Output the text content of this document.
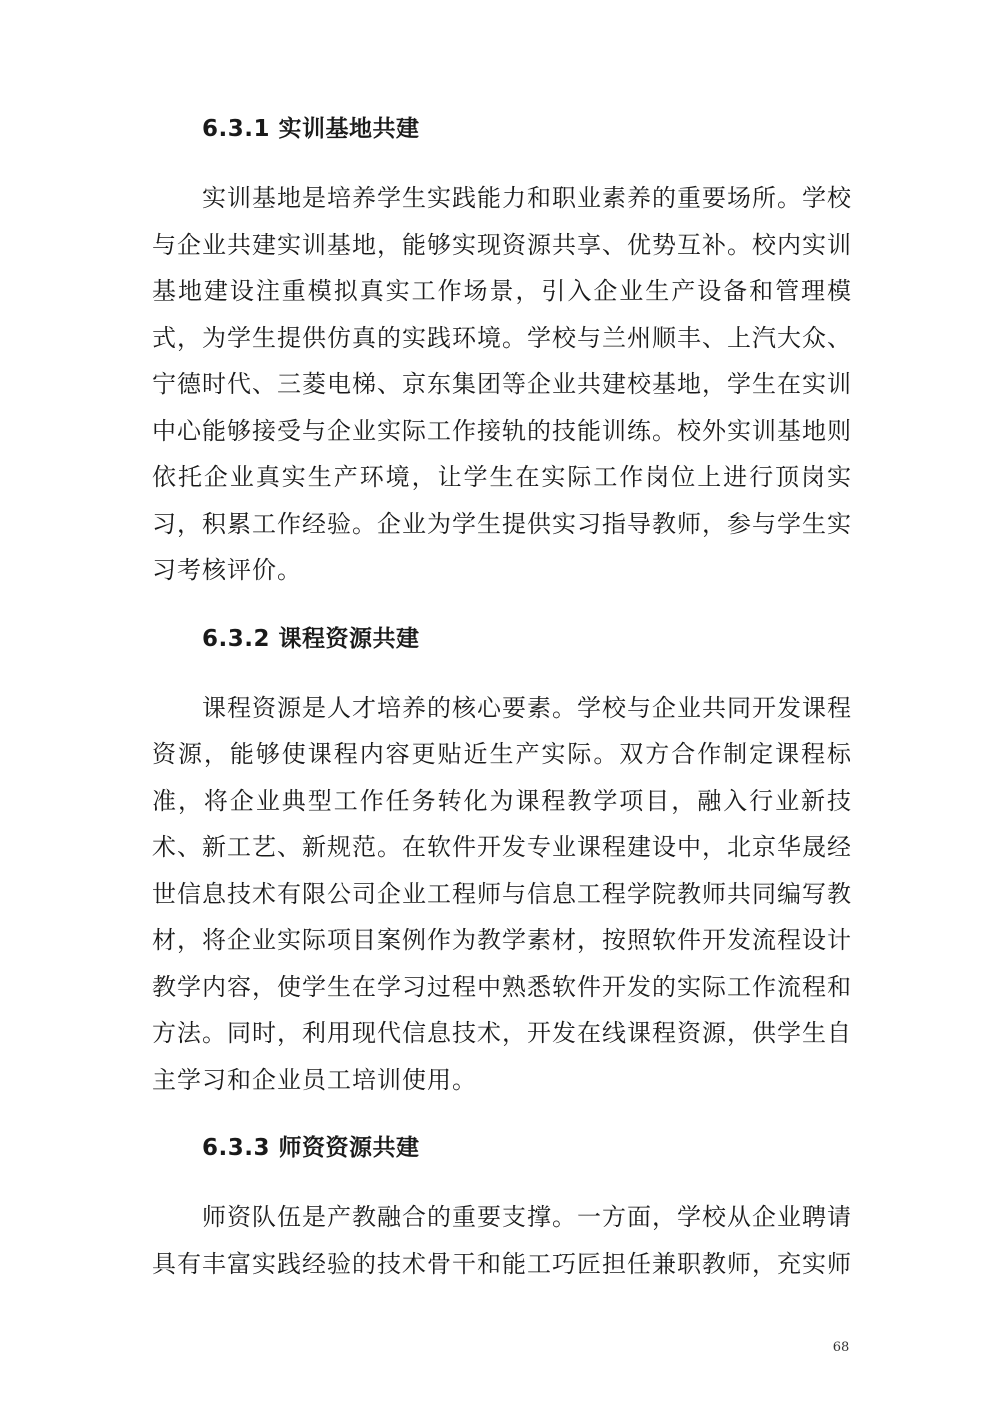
6.3.1 实训基地共建

实训基地是培养学生实践能力和职业素养的重要场所。学校与企业共建实训基地，能够实现资源共享、优势互补。校内实训基地建设注重模拟真实工作场景，引入企业生产设备和管理模式，为学生提供仿真的实践环境。学校与兰州顺丰、上汽大众、宁德时代、三菱电梯、京东集团等企业共建校基地，学生在实训中心能够接受与企业实际工作接轨的技能训练。校外实训基地则依托企业真实生产环境，让学生在实际工作岗位上进行顶岗实习，积累工作经验。企业为学生提供实习指导教师，参与学生实习考核评价。

6.3.2 课程资源共建

课程资源是人才培养的核心要素。学校与企业共同开发课程资源，能够使课程内容更贴近生产实际。双方合作制定课程标准，将企业典型工作任务转化为课程教学项目，融入行业新技术、新工艺、新规范。在软件开发专业课程建设中，北京华晟经世信息技术有限公司企业工程师与信息工程学院教师共同编写教材，将企业实际项目案例作为教学素材，按照软件开发流程设计教学内容，使学生在学习过程中熟悉软件开发的实际工作流程和方法。同时，利用现代信息技术，开发在线课程资源，供学生自主学习和企业员工培训使用。

6.3.3 师资资源共建

师资队伍是产教融合的重要支撑。一方面，学校从企业聘请具有丰富实践经验的技术骨干和能工巧匠担任兼职教师，充实师

68
